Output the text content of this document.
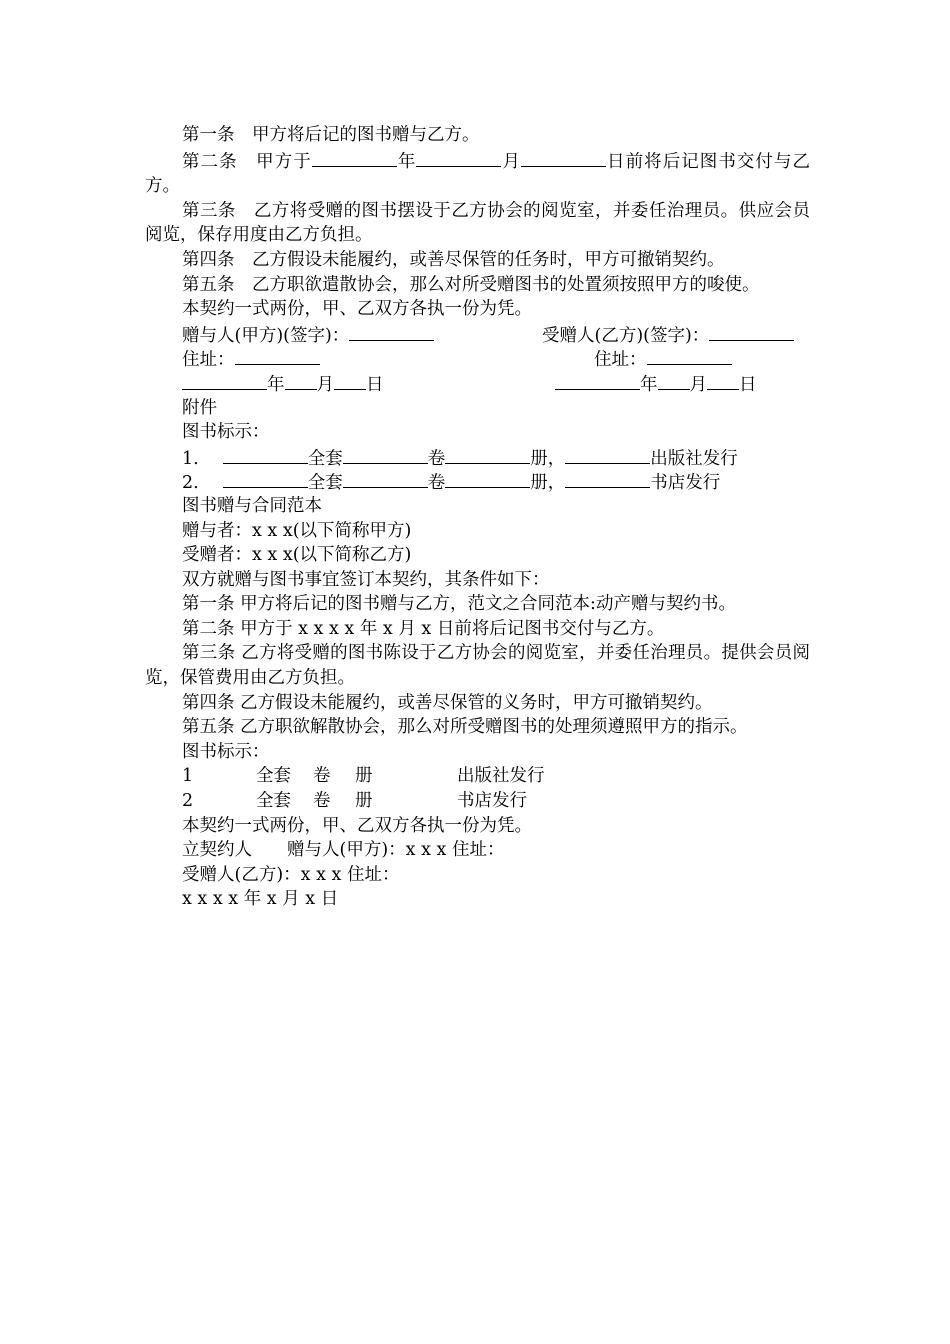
第一条　甲方将后记的图书赠与乙方。
第二条　甲方于	年	月	日前将后记图书交付与乙方。
第三条　乙方将受赠的图书摆设于乙方协会的阅览室，并委任治理员。供应会员阅览，保存用度由乙方负担。
第四条　乙方假设未能履约，或善尽保管的任务时，甲方可撤销契约。
第五条　乙方职欲遣散协会，那么对所受赠图书的处置须按照甲方的唆使。
本契约一式两份，甲、乙双方各执一份为凭。
赠与人(甲方)(签字)：	受赠人(乙方)(签字)：
住址：	住址：
年 月 日	年 月 日
附件
图书标示：
1.	全套	卷	册，	出版社发行
2.	全套	卷	册，	书店发行
图书赠与合同范本
赠与者：x x x(以下简称甲方)
受赠者：x x x(以下简称乙方)
双方就赠与图书事宜签订本契约，其条件如下：
第一条 甲方将后记的图书赠与乙方，范文之合同范本:动产赠与契约书。
第二条 甲方于 x x x x 年 x 月 x 日前将后记图书交付与乙方。
第三条 乙方将受赠的图书陈设于乙方协会的阅览室，并委任治理员。提供会员阅览，保管费用由乙方负担。
第四条 乙方假设未能履约，或善尽保管的义务时，甲方可撤销契约。
第五条 乙方职欲解散协会，那么对所受赠图书的处理须遵照甲方的指示。
图书标示：
1	全套 卷 册	出版社发行
2	全套 卷 册	书店发行
本契约一式两份，甲、乙双方各执一份为凭。
立契约人　　赠与人(甲方)：x x x 住址：
受赠人(乙方)：x x x 住址：
x x x x 年 x 月 x 日
